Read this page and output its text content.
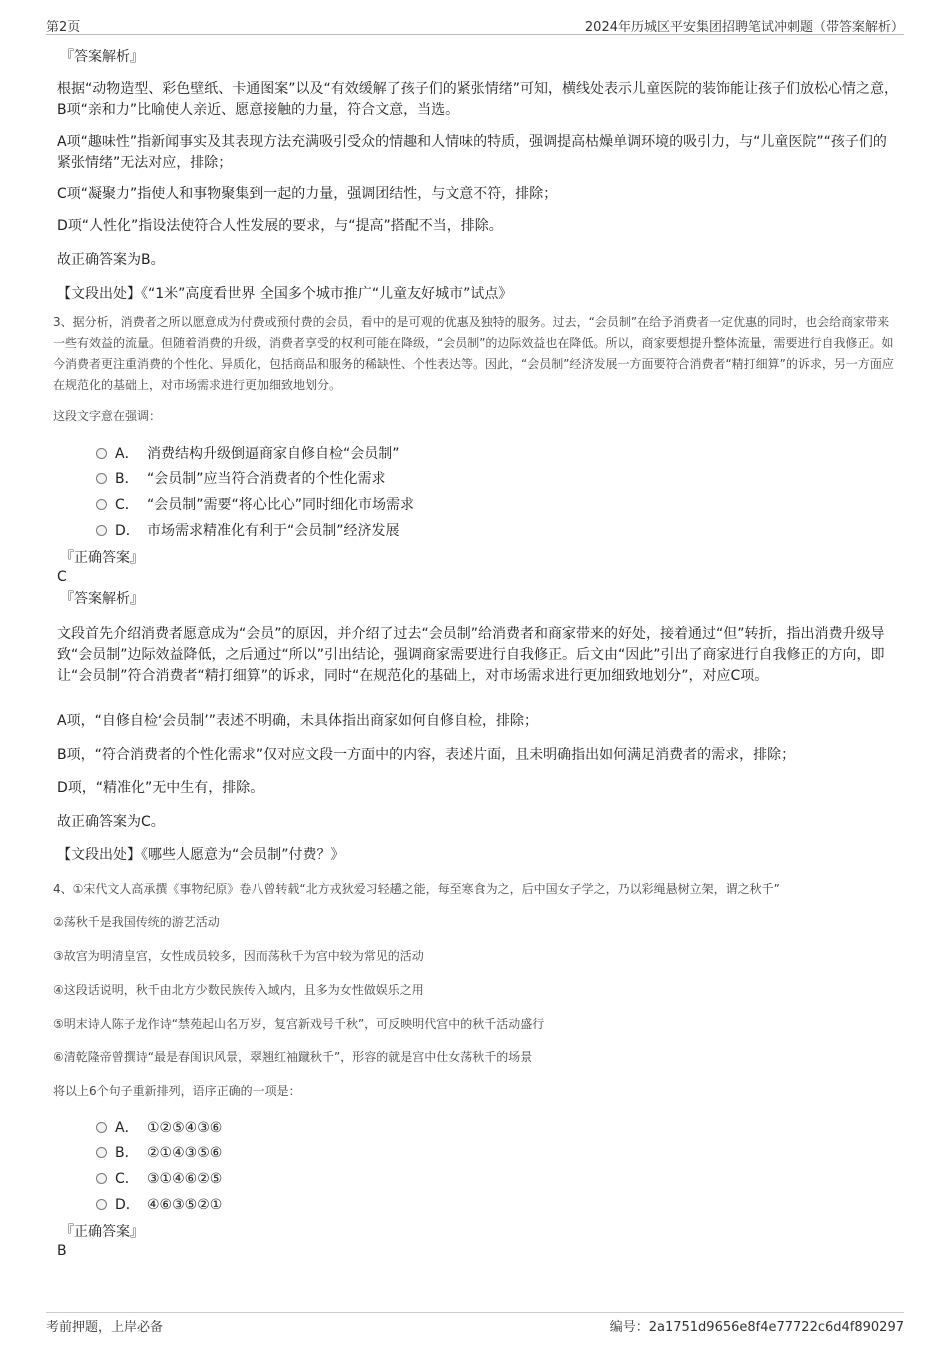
第2页	2024年历城区平安集团招聘笔试冲刺题（带答案解析）
『答案解析』
根据“动物造型、彩色壁纸、卡通图案”以及“有效缓解了孩子们的紧张情绪”可知，横线处表示儿童医院的装饰能让孩子们放松心情之意，B项“亲和力”比喻使人亲近、愿意接触的力量，符合文意，当选。
A项“趣味性”指新闻事实及其表现方法充满吸引受众的情趣和人情味的特质，强调提高枯燥单调环境的吸引力，与“儿童医院”“孩子们的紧张情绪”无法对应，排除；
C项“凝聚力”指使人和事物聚集到一起的力量，强调团结性，与文意不符，排除；
D项“人性化”指设法使符合人性发展的要求，与“提高”搭配不当，排除。
故正确答案为B。
【文段出处】《“1米”高度看世界 全国多个城市推广“儿童友好城市”试点》
3、据分析，消费者之所以愿意成为付费或预付费的会员，看中的是可观的优惠及独特的服务。过去，“会员制”在给予消费者一定优惠的同时，也会给商家带来一些有效益的流量。但随着消费的升级，消费者享受的权利可能在降级，“会员制”的边际效益也在降低。所以，商家要想提升整体流量，需要进行自我修正。如今消费者更注重消费的个性化、异质化，包括商品和服务的稀缺性、个性表达等。因此，“会员制”经济发展一方面要符合消费者“精打细算”的诉求，另一方面应在规范化的基础上，对市场需求进行更加细致地划分。
这段文字意在强调：
A． 消费结构升级倒逼商家自修自检“会员制”
B． “会员制”应当符合消费者的个性化需求
C． “会员制”需要“将心比心”同时细化市场需求
D． 市场需求精准化有利于“会员制”经济发展
『正确答案』
C
『答案解析』
文段首先介绍消费者愿意成为“会员”的原因，并介绍了过去“会员制”给消费者和商家带来的好处，接着通过“但”转折，指出消费升级导致“会员制”边际效益降低，之后通过“所以”引出结论，强调商家需要进行自我修正。后文由“因此”引出了商家进行自我修正的方向，即让“会员制”符合消费者“精打细算”的诉求，同时“在规范化的基础上，对市场需求进行更加细致地划分”，对应C项。
A项，“自修自检‘会员制’”表述不明确，未具体指出商家如何自修自检，排除；
B项，“符合消费者的个性化需求”仅对应文段一方面中的内容，表述片面，且未明确指出如何满足消费者的需求，排除；
D项，“精准化”无中生有，排除。
故正确答案为C。
【文段出处】《哪些人愿意为“会员制”付费？》
4、①宋代文人高承撰《事物纪原》卷八曾转载“北方戎狄爱习轻趫之能，每至寒食为之，后中国女子学之，乃以彩绳悬树立架，谓之秋千”
②荡秋千是我国传统的游艺活动
③故宫为明清皇宫，女性成员较多，因而荡秋千为宫中较为常见的活动
④这段话说明，秋千由北方少数民族传入域内，且多为女性做娱乐之用
⑤明末诗人陈子龙作诗“禁苑起山名万岁，复宫新戏号千秋”，可反映明代宫中的秋千活动盛行
⑥清乾隆帝曾撰诗“最是春闺识风景，翠翘红袖蹴秋千”，形容的就是宫中仕女荡秋千的场景
将以上6个句子重新排列，语序正确的一项是：
A． ①②⑤④③⑥
B． ②①④③⑤⑥
C． ③①④⑥②⑤
D． ④⑥③⑤②①
『正确答案』
B
考前押题，上岸必备	编号：2a1751d9656e8f4e77722c6d4f890297
